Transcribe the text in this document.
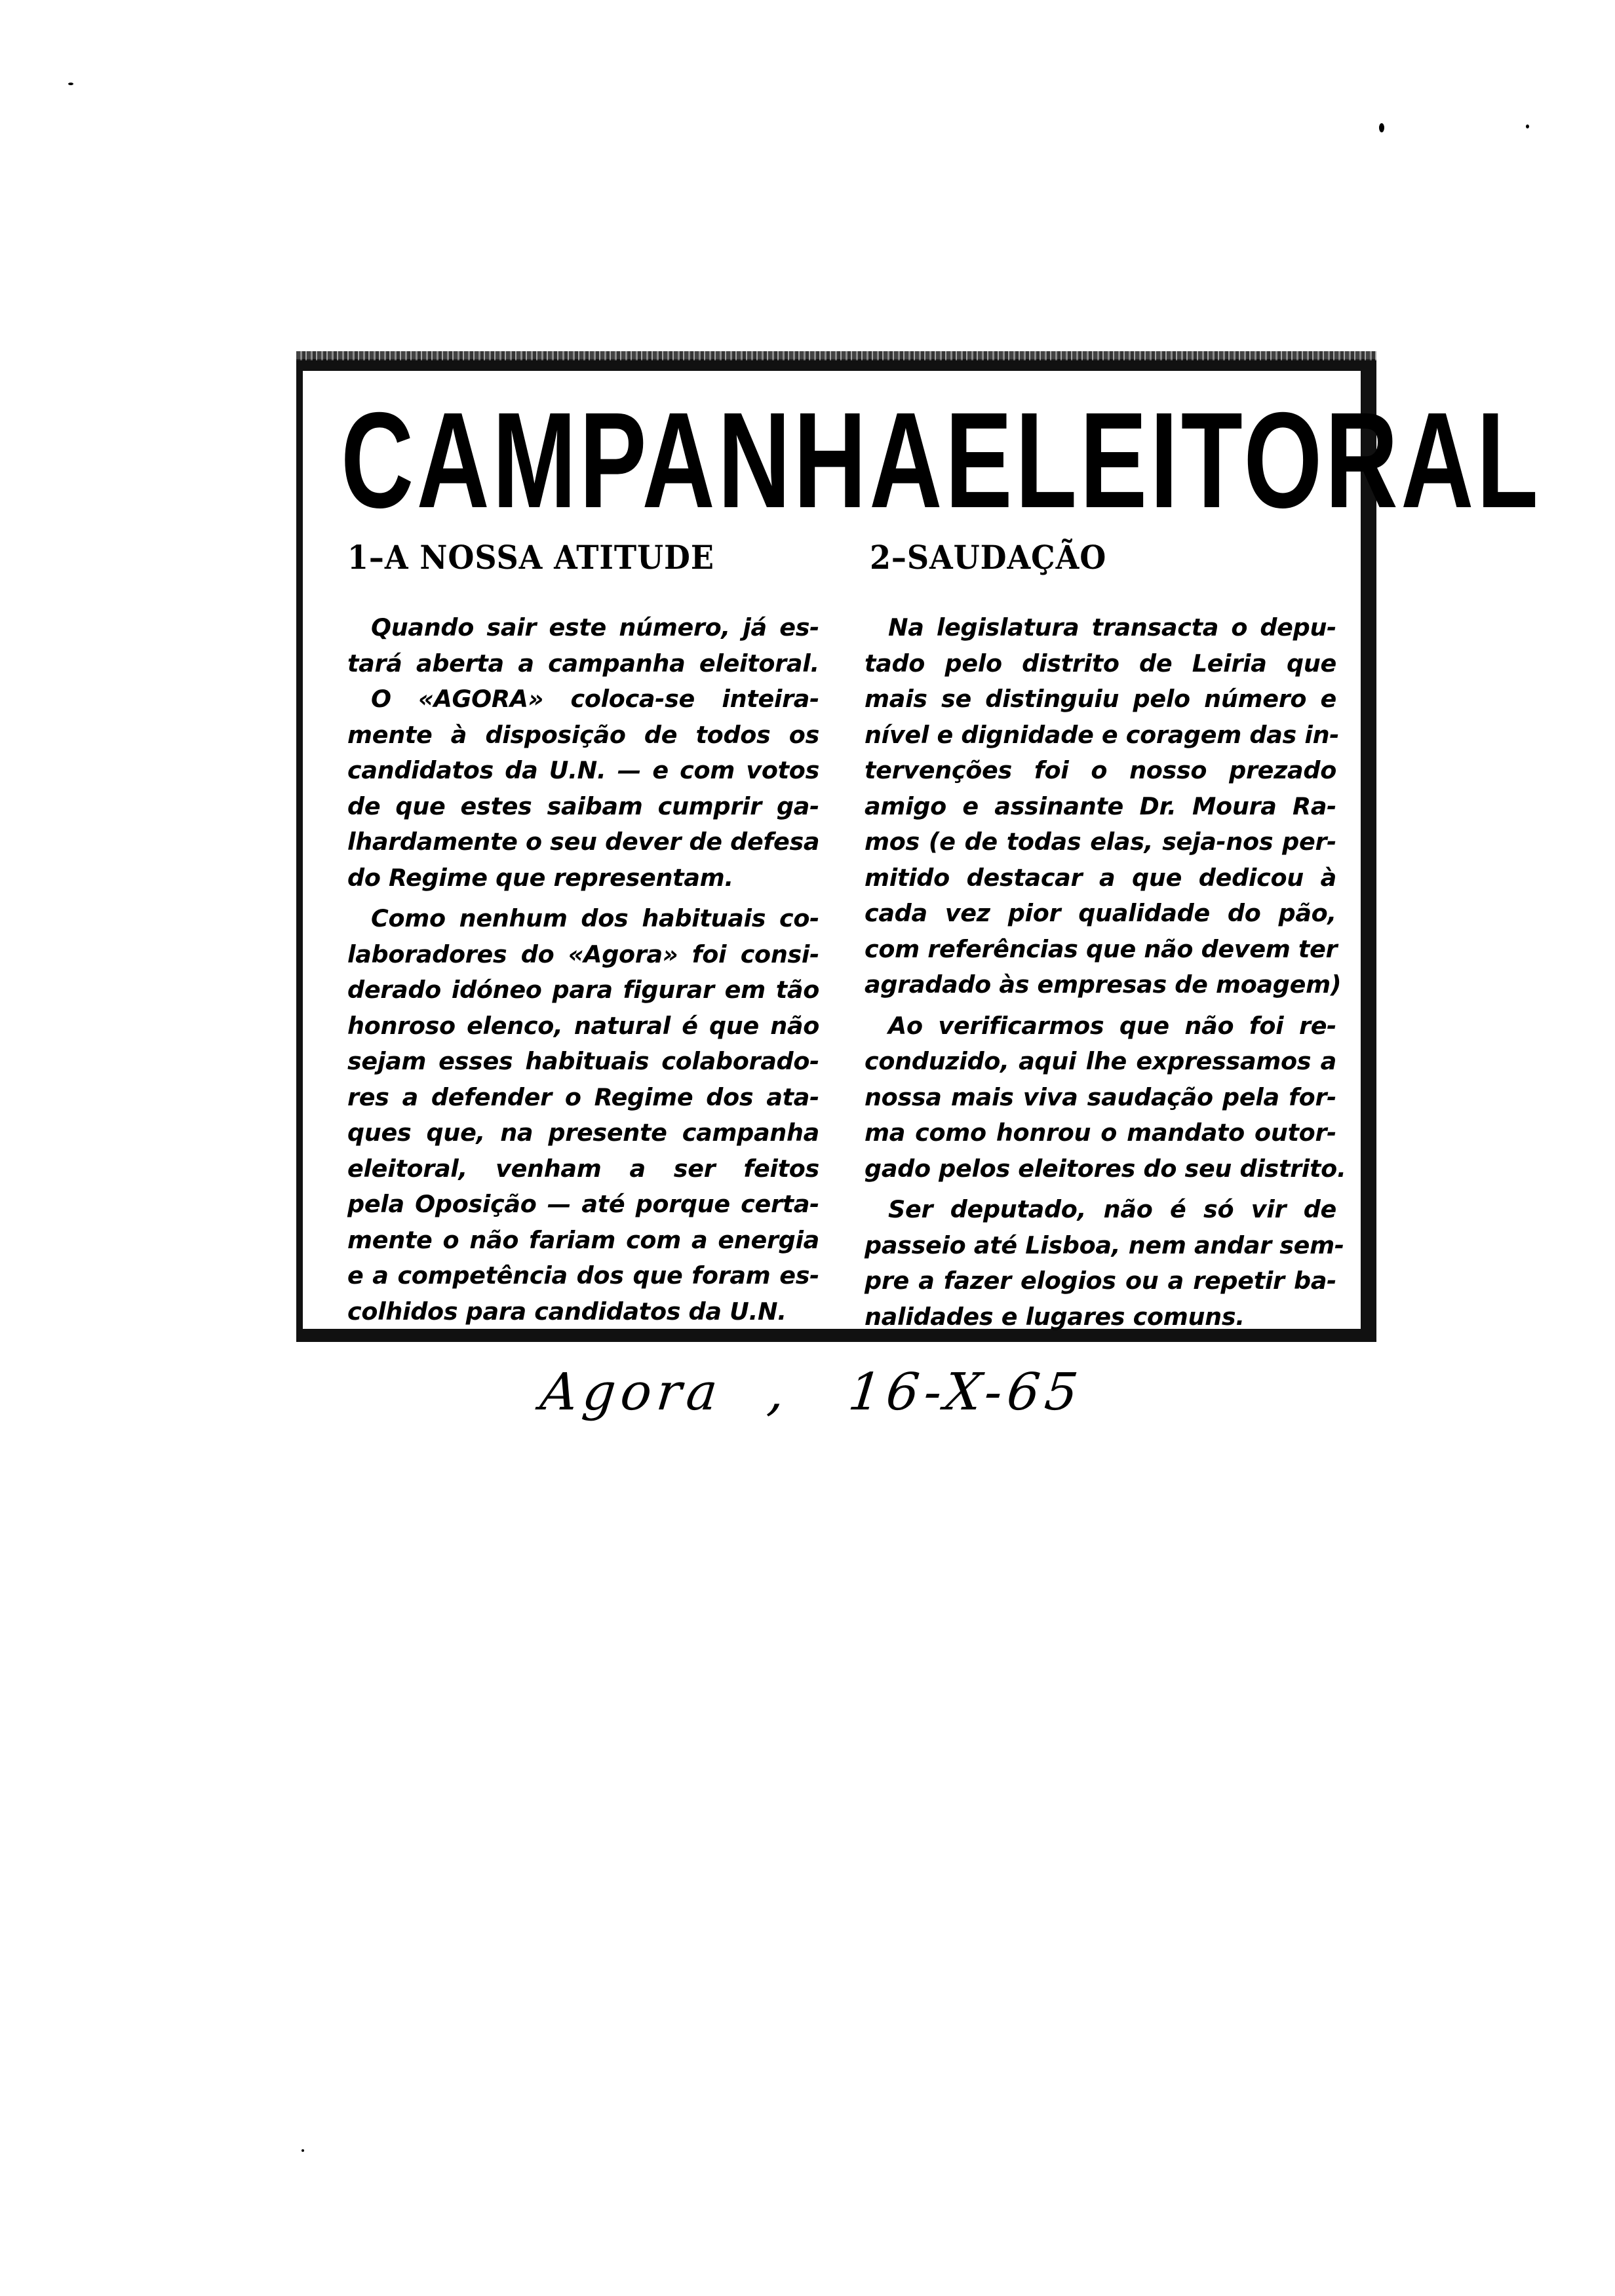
CAMPANHA ELEITORAL
1–A NOSSA ATITUDE	2–SAUDAÇÃO
Quando sair este número, já es-
tará aberta a campanha eleitoral.
O «AGORA» coloca-se inteira-
mente à disposição de todos os
candidatos da U.N. — e com votos
de que estes saibam cumprir ga-
lhardamente o seu dever de defesa
do Regime que representam.
Como nenhum dos habituais co-
laboradores do «Agora» foi consi-
derado idóneo para figurar em tão
honroso elenco, natural é que não
sejam esses habituais colaborado-
res a defender o Regime dos ata-
ques que, na presente campanha
eleitoral, venham a ser feitos
pela Oposição — até porque certa-
mente o não fariam com a energia
e a competência dos que foram es-
colhidos para candidatos da U.N.
Na legislatura transacta o depu-
tado pelo distrito de Leiria que
mais se distinguiu pelo número e
nível e dignidade e coragem das in-
tervenções foi o nosso prezado
amigo e assinante Dr. Moura Ra-
mos (e de todas elas, seja-nos per-
mitido destacar a que dedicou à
cada vez pior qualidade do pão,
com referências que não devem ter
agradado às empresas de moagem)
Ao verificarmos que não foi re-
conduzido, aqui lhe expressamos a
nossa mais viva saudação pela for-
ma como honrou o mandato outor-
gado pelos eleitores do seu distrito.
Ser deputado, não é só vir de
passeio até Lisboa, nem andar sem-
pre a fazer elogios ou a repetir ba-
nalidades e lugares comuns.
Agora , 16-X-65
